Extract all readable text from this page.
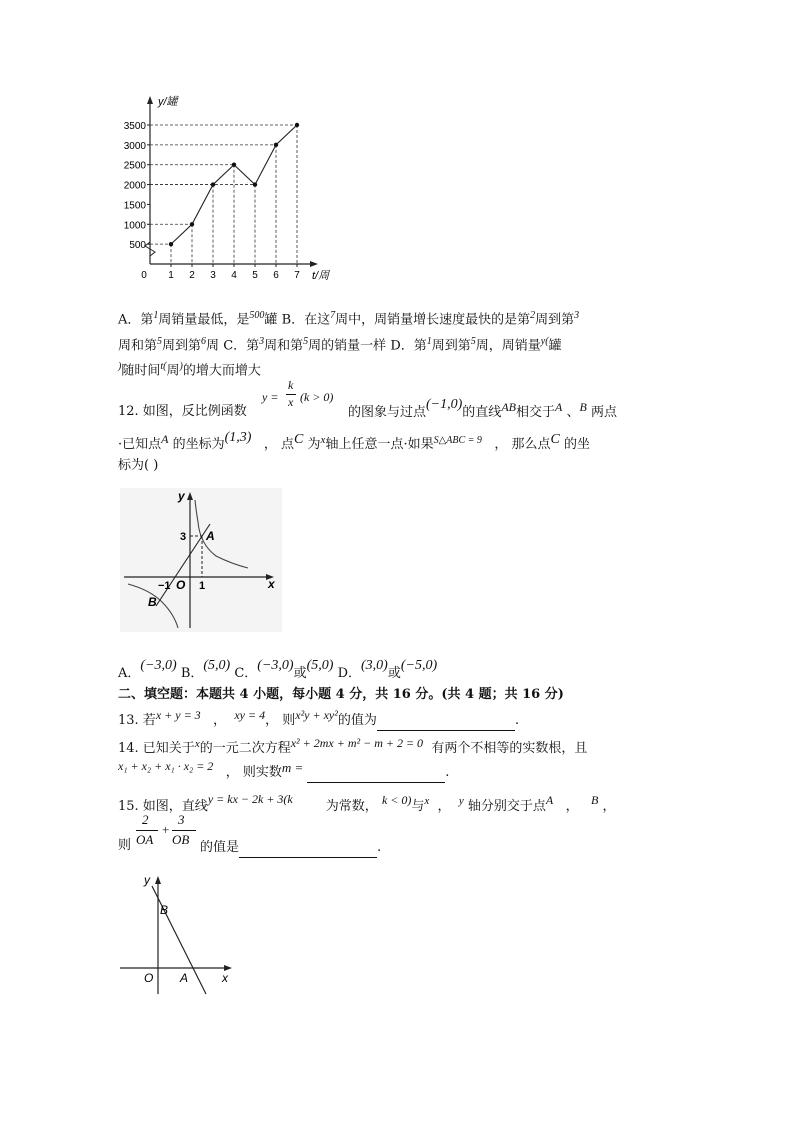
y/罐
t/周
500
1000
1500
2000
2500
3000
3500
0 1 2 3 4 5 6 7
A．第$^1$周销量最低，是$^{500}$罐 B．在这$^7$周中，周销量增长速度最快的是第$^2$周到第$^3$
周和第$^5$周到第$^6$周 C．第$^3$周和第$^5$周的销量一样 D．第$^1$周到第$^5$周，周销量$^{y(}$罐
)随时间$^{t(}$周)的增大而增大
12. 如图，反比例函数
y =
k
x (k > 0)
的图象与过点(−1,0)的直线AB相交于A 、B 两点
·已知点A 的坐标为(1,3) ， 点C 为$^x$轴上任意一点·如果$^{S\triangle ABC = 9}$ ， 那么点C 的坐
标为( )
y
x
3 A
−1 O 1
B
A．(−3,0) B．(5,0) C．(−3,0)或(5,0) D．(3,0)或(−5,0)
二、填空题：本题共 4 小题，每小题 4 分，共 16 分。(共 4 题；共 16 分)
13. 若x + y = 3 ， xy = 4， 则x²y + xy²的值为	.
14. 已知关于$^x$的一元二次方程x² + 2mx + m² − m + 2 = 0 有两个不相等的实数根，且
x₁ + x₂ + x₁ · x₂ = 2 ， 则实数m =	.
15. 如图，直线y = kx − 2k + 3(k	为常数， k < 0)与$^x$ ， $^y$ 轴分别交于点A ， B ，
2
OA
+
3
OB
则	的值是	.
y
B
O A	x
